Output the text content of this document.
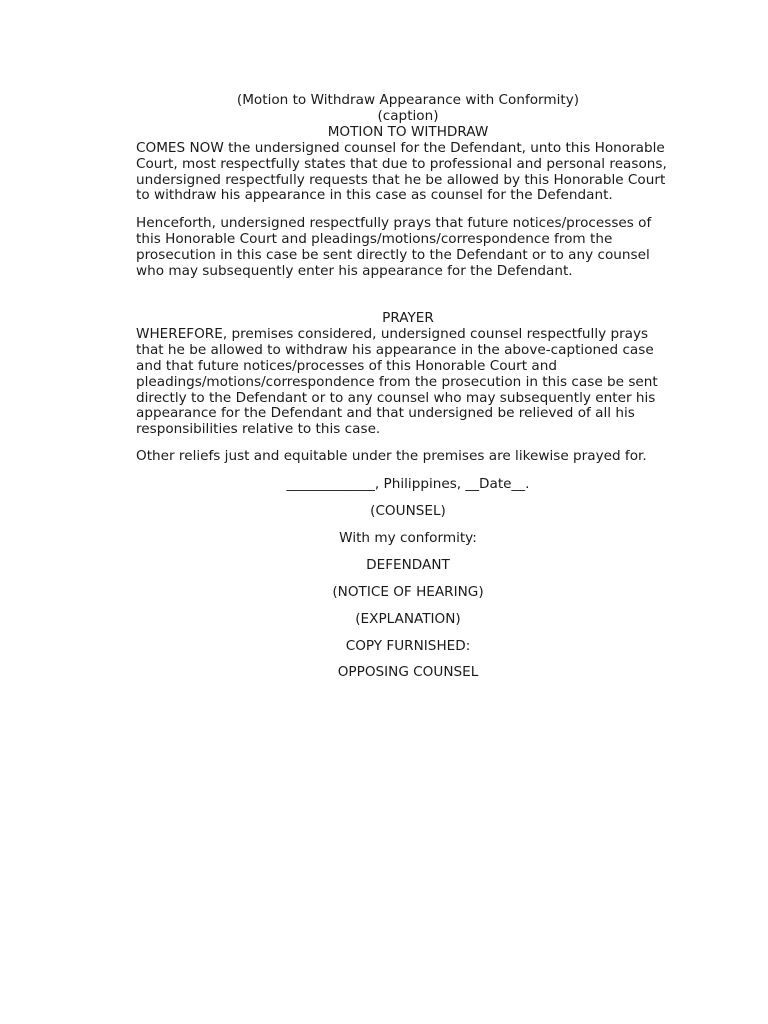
(Motion to Withdraw Appearance with Conformity)
(caption)
MOTION TO WITHDRAW

COMES NOW the undersigned counsel for the Defendant, unto this Honorable Court, most respectfully states that due to professional and personal reasons, undersigned respectfully requests that he be allowed by this Honorable Court to withdraw his appearance in this case as counsel for the Defendant.

Henceforth, undersigned respectfully prays that future notices/processes of this Honorable Court and pleadings/motions/correspondence from the prosecution in this case be sent directly to the Defendant or to any counsel who may subsequently enter his appearance for the Defendant.

PRAYER

WHEREFORE, premises considered, undersigned counsel respectfully prays that he be allowed to withdraw his appearance in the above-captioned case and that future notices/processes of this Honorable Court and pleadings/motions/correspondence from the prosecution in this case be sent directly to the Defendant or to any counsel who may subsequently enter his appearance for the Defendant and that undersigned be relieved of all his responsibilities relative to this case.

Other reliefs just and equitable under the premises are likewise prayed for.

_____________, Philippines, __Date__.
(COUNSEL)
With my conformity:
DEFENDANT
(NOTICE OF HEARING)
(EXPLANATION)
COPY FURNISHED:
OPPOSING COUNSEL
